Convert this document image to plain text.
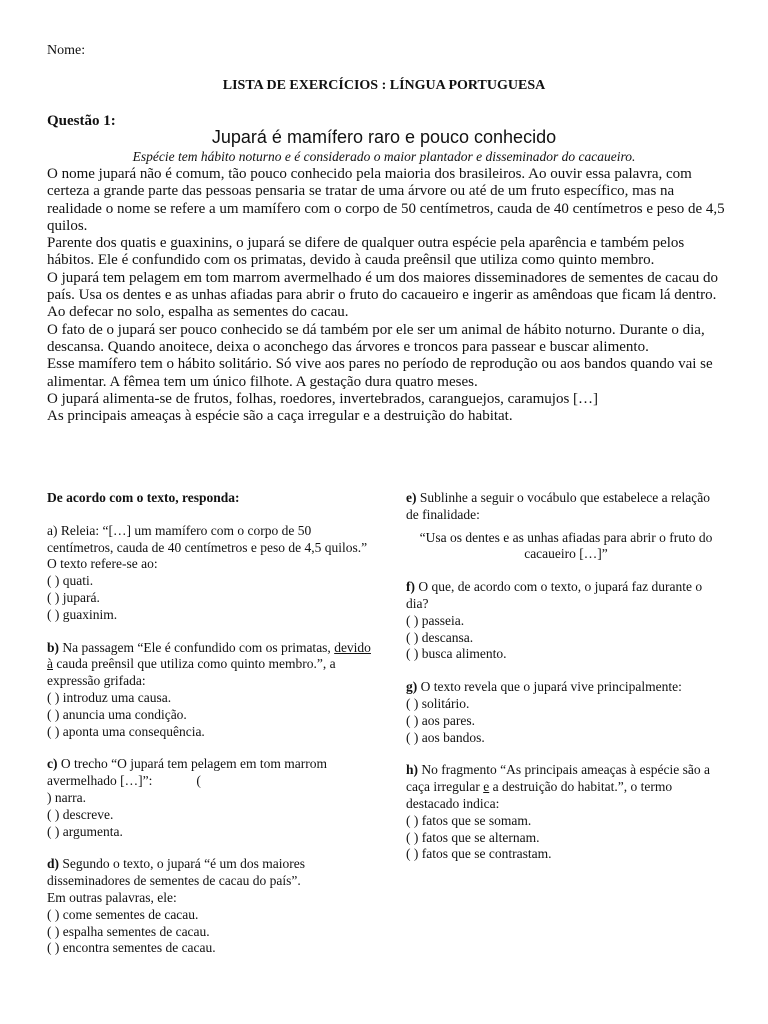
Nome:
LISTA DE EXERCÍCIOS : LÍNGUA PORTUGUESA
Questão 1:
Jupará é mamífero raro e pouco conhecido
Espécie tem hábito noturno e é considerado o maior plantador e disseminador do cacaueiro.

O nome jupará não é comum, tão pouco conhecido pela maioria dos brasileiros. Ao ouvir essa palavra, com certeza a grande parte das pessoas pensaria se tratar de uma árvore ou até de um fruto específico, mas na realidade o nome se refere a um mamífero com o corpo de 50 centímetros, cauda de 40 centímetros e peso de 4,5 quilos.

Parente dos quatis e guaxinins, o jupará se difere de qualquer outra espécie pela aparência e também pelos hábitos. Ele é confundido com os primatas, devido à cauda preênsil que utiliza como quinto membro.

O jupará tem pelagem em tom marrom avermelhado é um dos maiores disseminadores de sementes de cacau do país. Usa os dentes e as unhas afiadas para abrir o fruto do cacaueiro e ingerir as amêndoas que ficam lá dentro. Ao defecar no solo, espalha as sementes do cacau.

O fato de o jupará ser pouco conhecido se dá também por ele ser um animal de hábito noturno. Durante o dia, descansa. Quando anoitece, deixa o aconchego das árvores e troncos para passear e buscar alimento.

Esse mamífero tem o hábito solitário. Só vive aos pares no período de reprodução ou aos bandos quando vai se alimentar. A fêmea tem um único filhote. A gestação dura quatro meses.

O jupará alimenta-se de frutos, folhas, roedores, invertebrados, caranguejos, caramujos […]

As principais ameaças à espécie são a caça irregular e a destruição do habitat.

De acordo com o texto, responda:

a) Releia: “[…] um mamífero com o corpo de 50 centímetros, cauda de 40 centímetros e peso de 4,5 quilos.”

O texto refere-se ao:

( ) quati.
( ) jupará.
( ) guaxinim.

b) Na passagem “Ele é confundido com os primatas, devido à cauda preênsil que utiliza como quinto membro.”, a expressão grifada:

( ) introduz uma causa.
( ) anuncia uma condição.
( ) aponta uma consequência.

c) O trecho “O jupará tem pelagem em tom marrom avermelhado […]”:	(

) narra.
( ) descreve.
( ) argumenta.

d) Segundo o texto, o jupará “é um dos maiores disseminadores de sementes de cacau do país”.

Em outras palavras, ele:

( ) come sementes de cacau.
( ) espalha sementes de cacau.
( ) encontra sementes de cacau.

e) Sublinhe a seguir o vocábulo que estabelece a relação de finalidade:

“Usa os dentes e as unhas afiadas para abrir o fruto do cacaueiro […]”

f) O que, de acordo com o texto, o jupará faz durante o dia?

( ) passeia.
( ) descansa.
( ) busca alimento.

g) O texto revela que o jupará vive principalmente:

( ) solitário.
( ) aos pares.
( ) aos bandos.

h) No fragmento “As principais ameaças à espécie são a caça irregular e a destruição do habitat.”, o termo destacado indica:

( ) fatos que se somam.
( ) fatos que se alternam.
( ) fatos que se contrastam.
